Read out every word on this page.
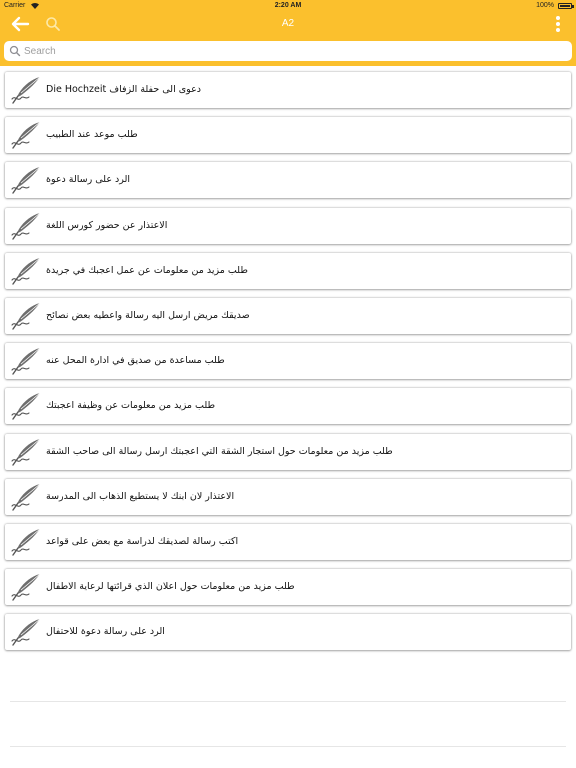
Carrier	2:20 AM	100%
A2
Search
دعوى الى حفلة الزفاف Die Hochzeit
طلب موعد عند الطبيب
الرد على رسالة دعوة
الاعتذار عن حضور كورس اللغة
طلب مزيد من معلومات عن عمل اعجبك في جريدة
صديقك مريض ارسل اليه رسالة واعطيه بعض نصائح
طلب مساعدة من صديق في ادارة المحل عنه
طلب مزيد من معلومات عن وظيفة اعجبتك
طلب مزيد من معلومات حول استجار الشقة التي اعجبتك ارسل رسالة الى صاحب الشقة
الاعتذار لان ابنك لا يستطيع الذهاب الى المدرسة
اكتب رسالة لصديقك لدراسة مع بعض على قواعد
طلب مزيد من معلومات حول اعلان الذي قرائتها لرعاية الاطفال
الرد على رسالة دعوة للاحتفال
